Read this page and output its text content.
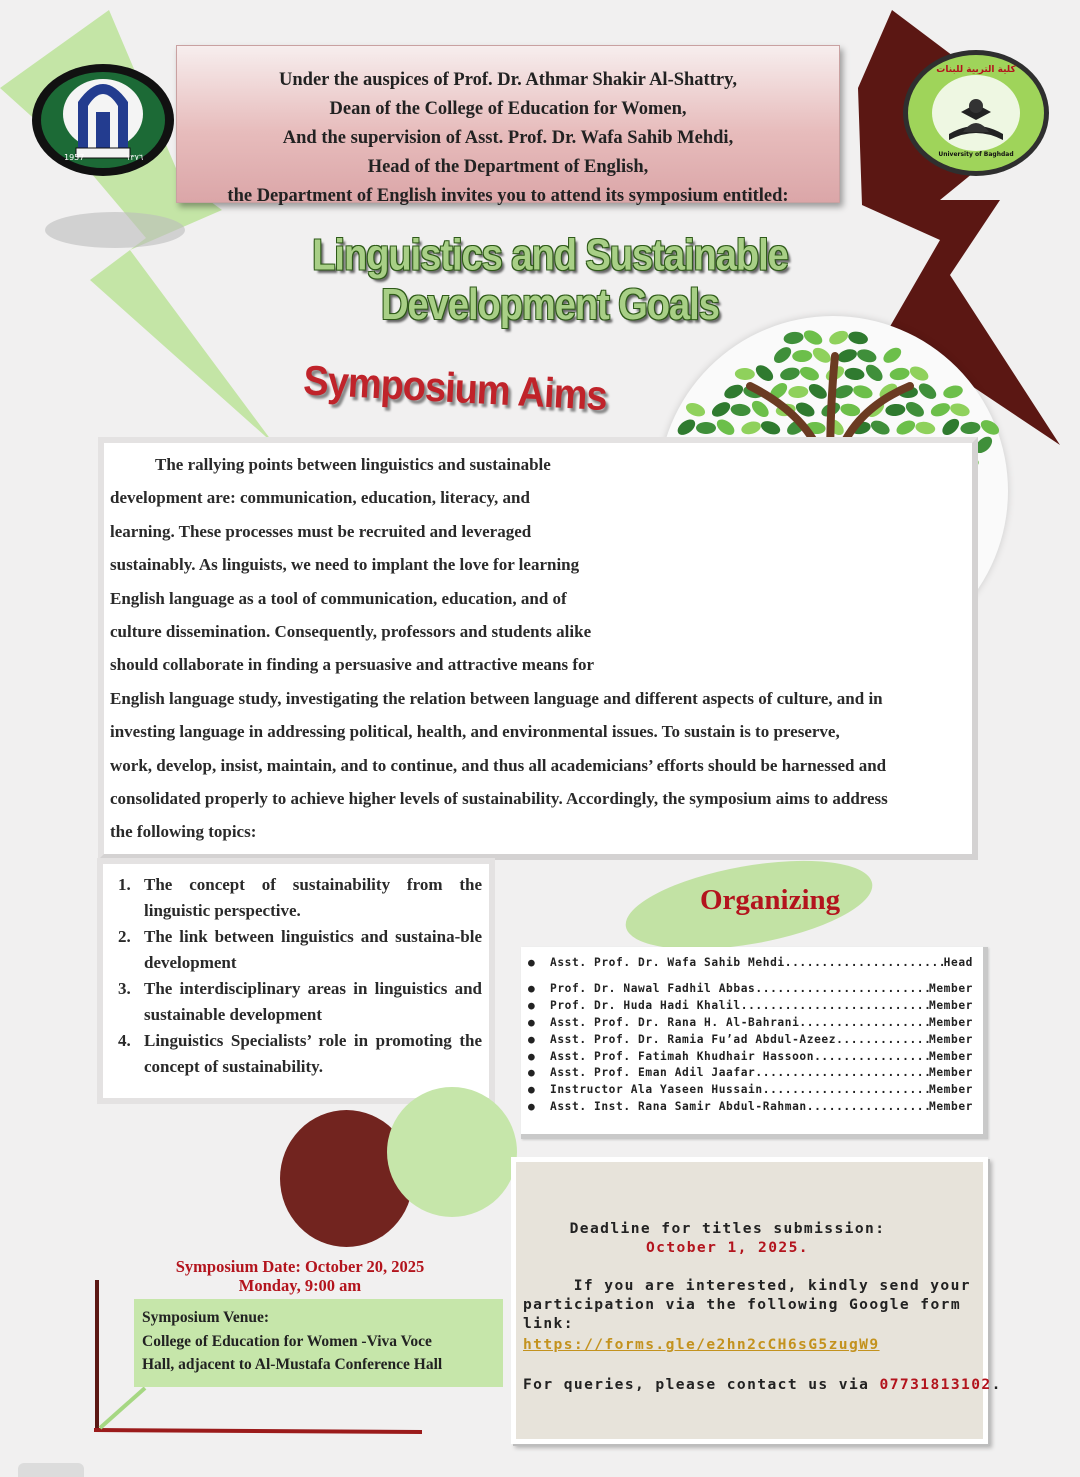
1957	١٣٧٦
كلية التربية للبنات
University of Baghdad
Under the auspices of Prof. Dr. Athmar Shakir Al-Shattry,
Dean of the College of Education for Women,
And the supervision of Asst. Prof. Dr. Wafa Sahib Mehdi,
Head of the Department of English,
the Department of English invites you to attend its symposium entitled:
Linguistics and Sustainable Development Goals
Symposium Aims
The rallying points between linguistics and sustainable
development are: communication, education, literacy, and
learning. These processes must be recruited and leveraged
sustainably. As linguists, we need to implant the love for learning
English language as a tool of communication, education, and of
culture dissemination. Consequently, professors and students alike
should collaborate in finding a persuasive and attractive means for
English language study, investigating the relation between language and different aspects of culture, and in
investing language in addressing political, health, and environmental issues. To sustain is to preserve,
work, develop, insist, maintain, and to continue, and thus all academicians’ efforts should be harnessed and
consolidated properly to achieve higher levels of sustainability. Accordingly, the symposium aims to address
the following topics:
1. The concept of sustainability from the linguistic perspective.
2. The link between linguistics and sustaina-ble development
3. The interdisciplinary areas in linguistics and sustainable development
4. Linguistics Specialists’ role in promoting the concept of sustainability.
Organizing
●	Asst. Prof. Dr. Wafa Sahib Mehdi .....	Head
●	Prof. Dr. Nawal Fadhil Abbas .....	Member
●	Prof. Dr. Huda Hadi Khalil .....	Member
●	Asst. Prof. Dr. Rana H. Al-Bahrani .....	Member
●	Asst. Prof. Dr. Ramia Fu’ad Abdul-Azeez .....	Member
●	Asst. Prof. Fatimah Khudhair Hassoon .....	Member
●	Asst. Prof. Eman Adil Jaafar .....	Member
●	Instructor Ala Yaseen Hussain .....	Member
●	Asst. Inst. Rana Samir Abdul-Rahman .....	Member
Symposium Date: October 20, 2025
Monday, 9:00 am
Symposium Venue:
College of Education for Women -Viva Voce
Hall, adjacent to Al-Mustafa Conference Hall
Deadline for titles submission:
October 1, 2025.
If you are interested, kindly send your
participation via the following Google form link:
https://forms.gle/e2hn2cCH6sG5zugW9
For queries, please contact us via 07731813102.
